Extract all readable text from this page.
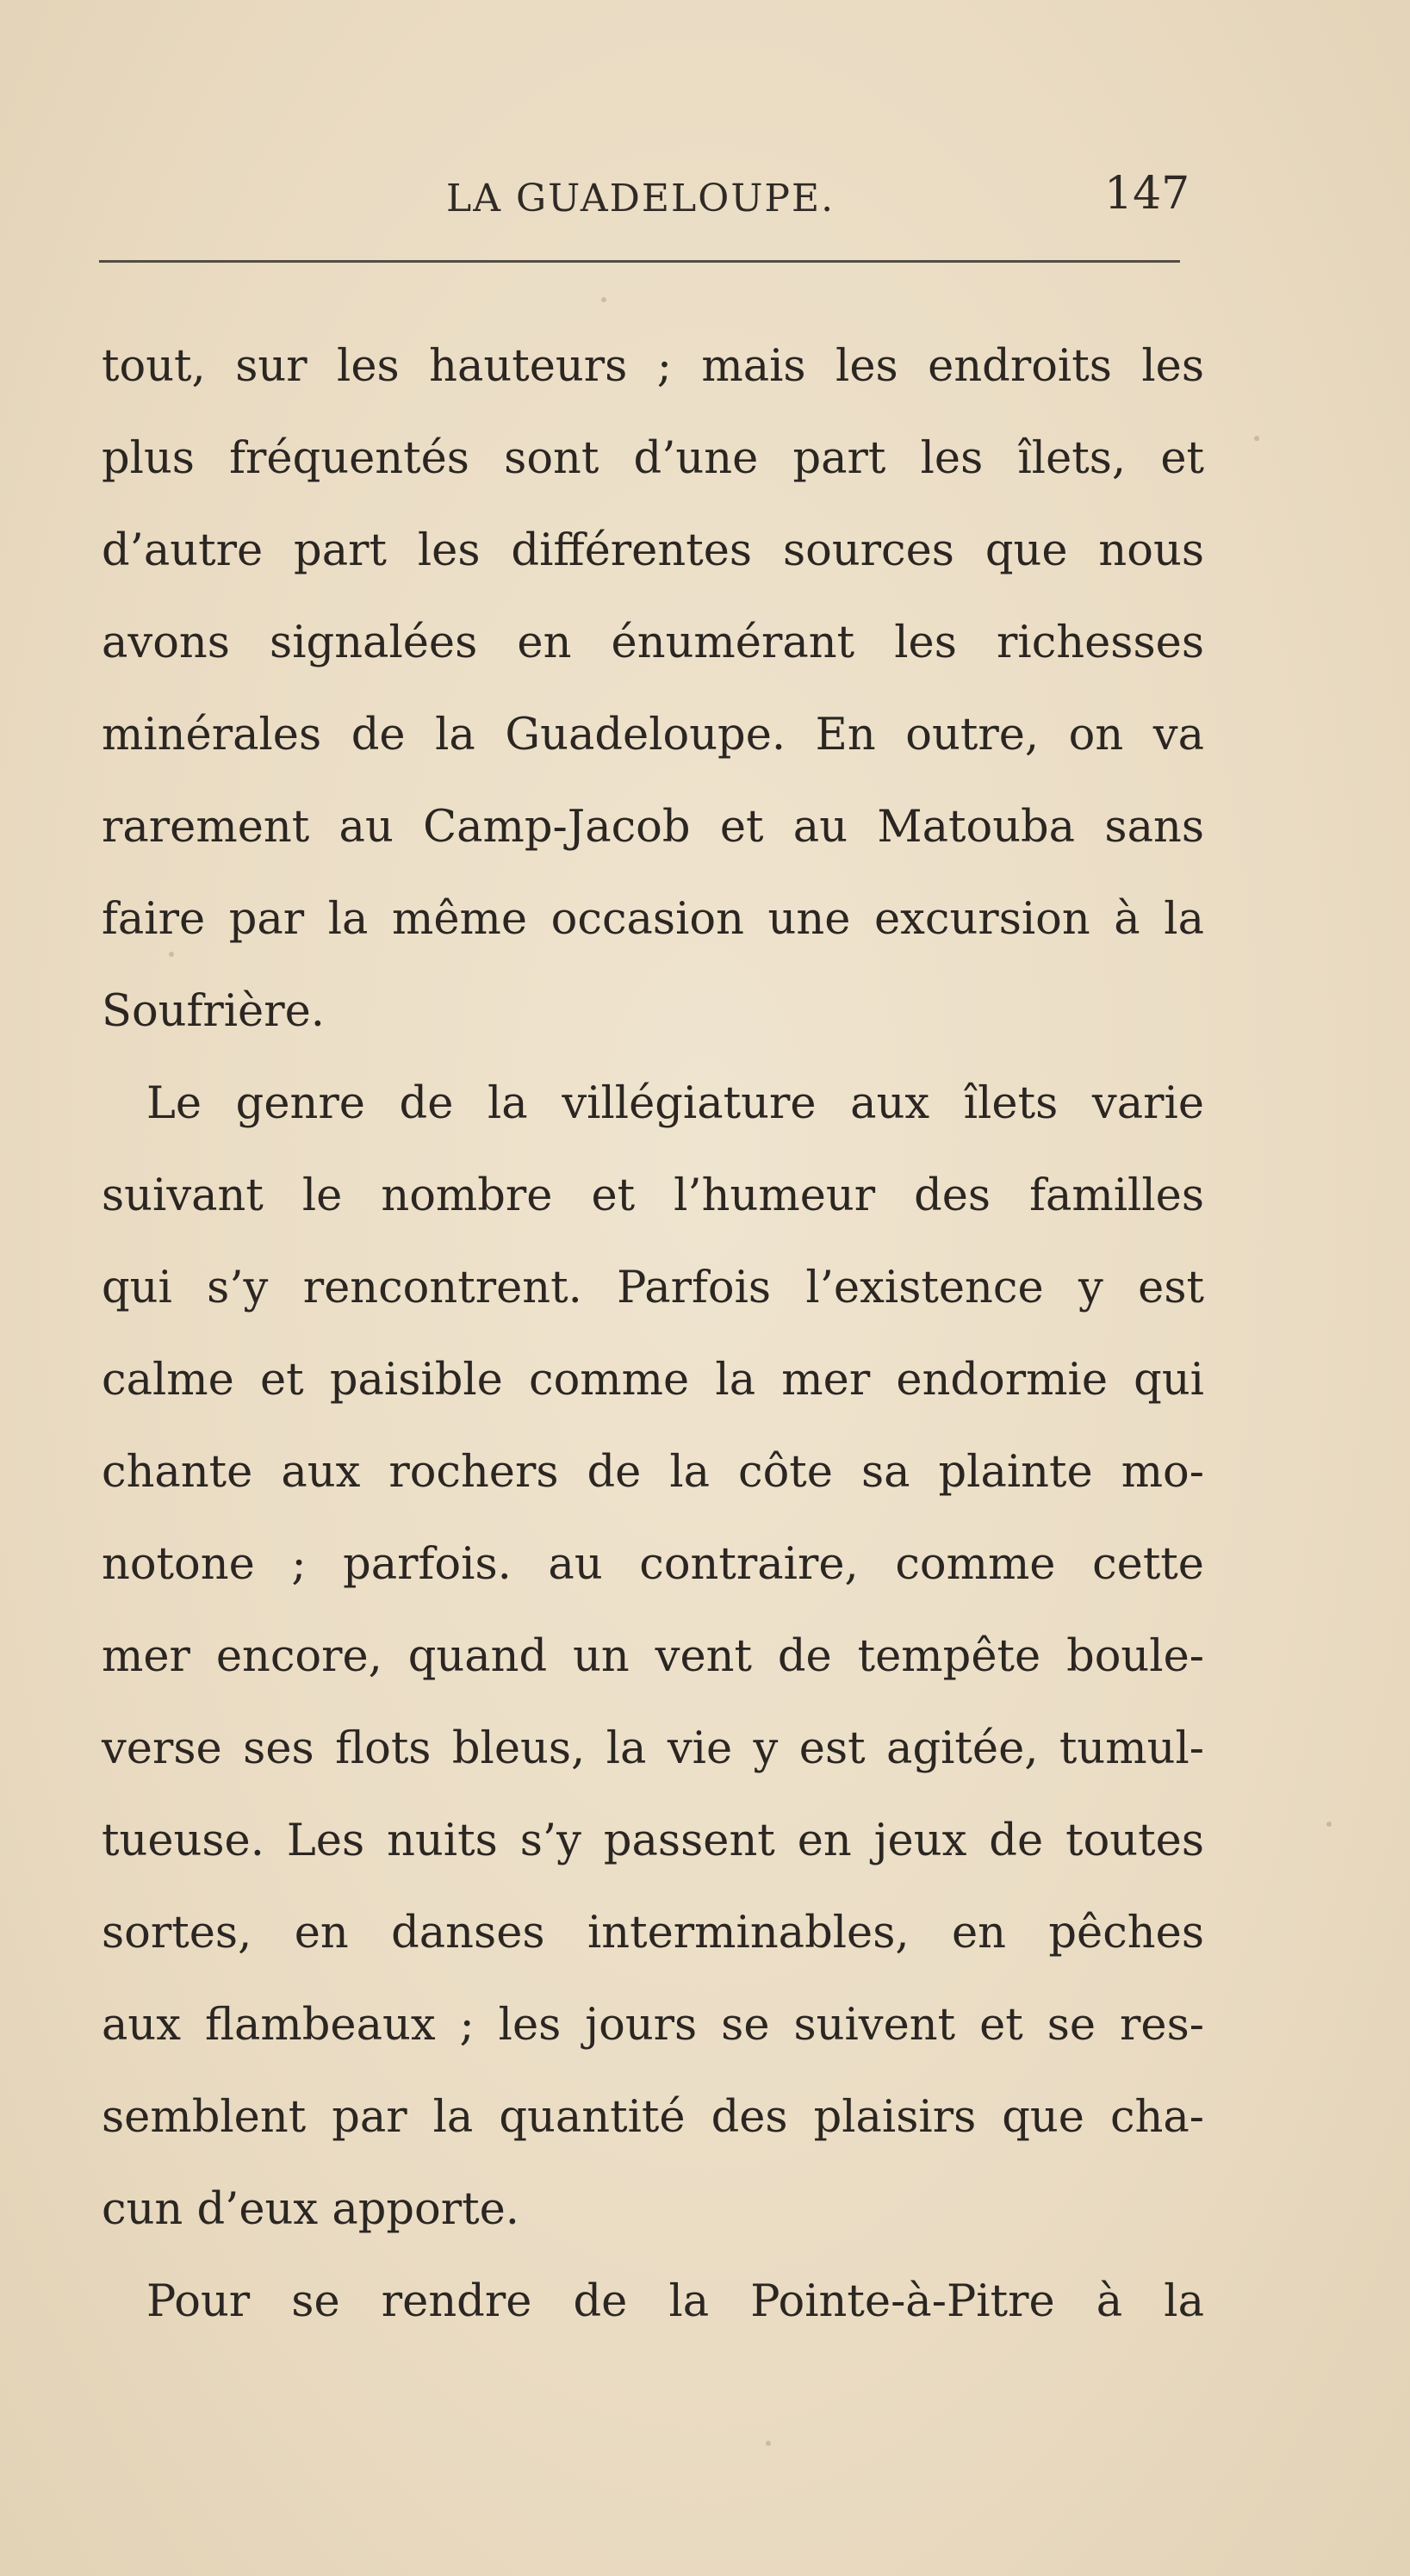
LA GUADELOUPE.	147
tout, sur les hauteurs ; mais les endroits les
plus fréquentés sont d’une part les îlets, et
d’autre part les différentes sources que nous
avons signalées en énumérant les richesses
minérales de la Guadeloupe. En outre, on va
rarement au Camp-Jacob et au Matouba sans
faire par la même occasion une excursion à la
Soufrière.
Le genre de la villégiature aux îlets varie
suivant le nombre et l’humeur des familles
qui s’y rencontrent. Parfois l’existence y est
calme et paisible comme la mer endormie qui
chante aux rochers de la côte sa plainte mo-
notone ; parfois. au contraire, comme cette
mer encore, quand un vent de tempête boule-
verse ses flots bleus, la vie y est agitée, tumul-
tueuse. Les nuits s’y passent en jeux de toutes
sortes, en danses interminables, en pêches
aux flambeaux ; les jours se suivent et se res-
semblent par la quantité des plaisirs que cha-
cun d’eux apporte.
Pour se rendre de la Pointe-à-Pitre à la
